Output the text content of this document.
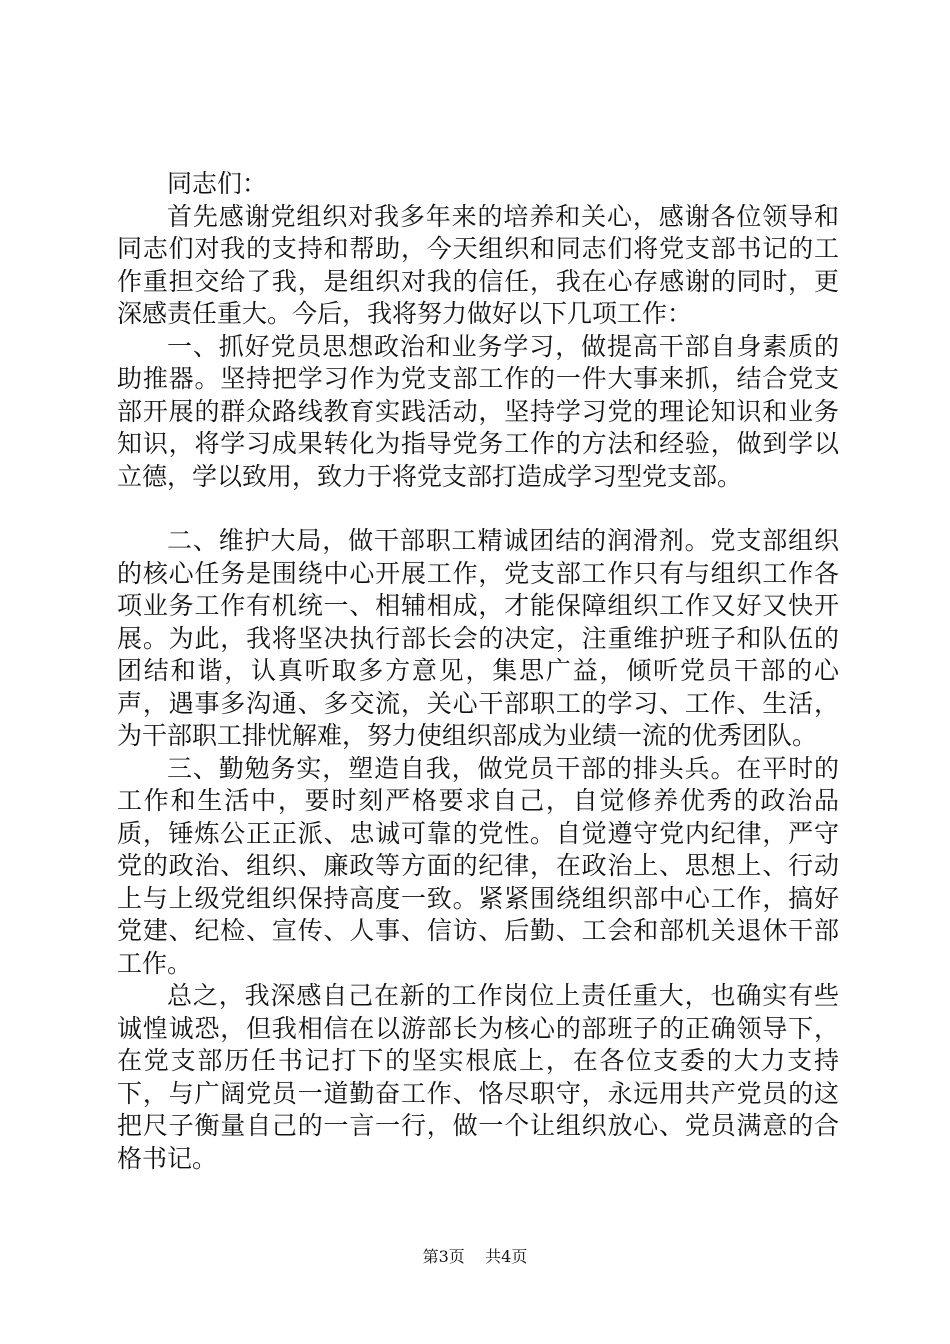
同志们：

首先感谢党组织对我多年来的培养和关心，感谢各位领导和同志们对我的支持和帮助，今天组织和同志们将党支部书记的工作重担交给了我，是组织对我的信任，我在心存感谢的同时，更深感责任重大。今后，我将努力做好以下几项工作：

一、抓好党员思想政治和业务学习，做提高干部自身素质的助推器。坚持把学习作为党支部工作的一件大事来抓，结合党支部开展的群众路线教育实践活动，坚持学习党的理论知识和业务知识，将学习成果转化为指导党务工作的方法和经验，做到学以立德，学以致用，致力于将党支部打造成学习型党支部。

二、维护大局，做干部职工精诚团结的润滑剂。党支部组织的核心任务是围绕中心开展工作，党支部工作只有与组织工作各项业务工作有机统一、相辅相成，才能保障组织工作又好又快开展。为此，我将坚决执行部长会的决定，注重维护班子和队伍的团结和谐，认真听取多方意见，集思广益，倾听党员干部的心声，遇事多沟通、多交流，关心干部职工的学习、工作、生活，为干部职工排忧解难，努力使组织部成为业绩一流的优秀团队。

三、勤勉务实，塑造自我，做党员干部的排头兵。在平时的工作和生活中，要时刻严格要求自己，自觉修养优秀的政治品质，锤炼公正正派、忠诚可靠的党性。自觉遵守党内纪律，严守党的政治、组织、廉政等方面的纪律，在政治上、思想上、行动上与上级党组织保持高度一致。紧紧围绕组织部中心工作，搞好党建、纪检、宣传、人事、信访、后勤、工会和部机关退休干部工作。

总之，我深感自己在新的工作岗位上责任重大，也确实有些诚惶诚恐，但我相信在以游部长为核心的部班子的正确领导下，在党支部历任书记打下的坚实根底上，在各位支委的大力支持下，与广阔党员一道勤奋工作、恪尽职守，永远用共产党员的这把尺子衡量自己的一言一行，做一个让组织放心、党员满意的合格书记。

第3页 共4页
